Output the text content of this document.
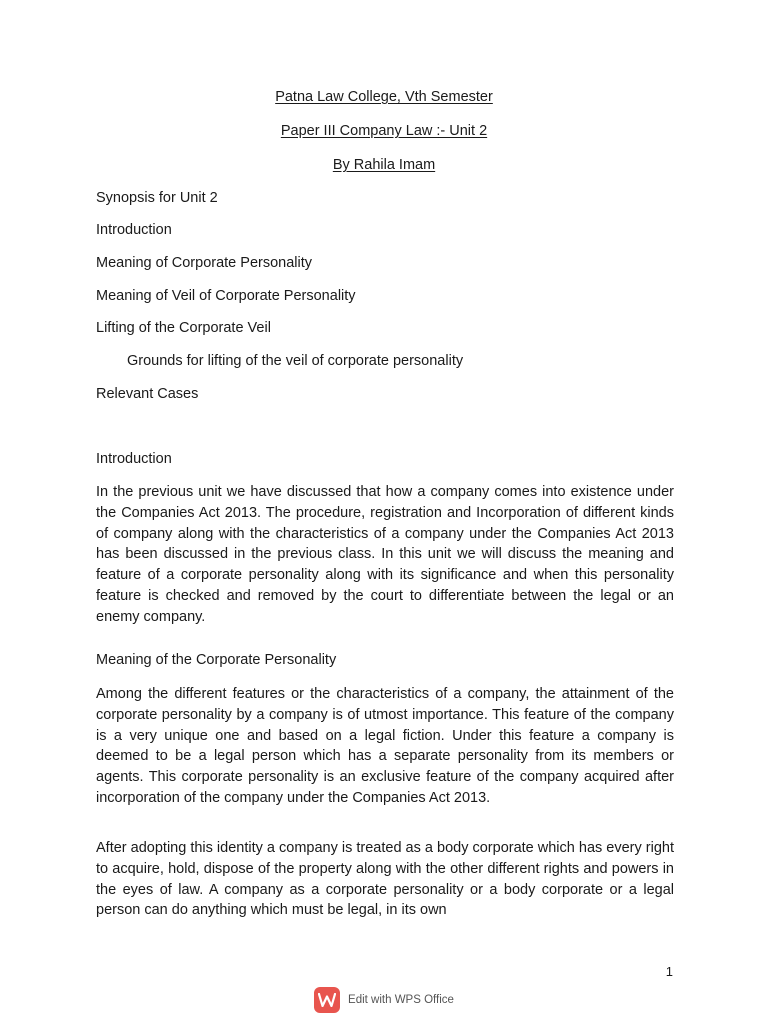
Patna Law College, Vth Semester
Paper III Company Law :- Unit 2
By Rahila Imam
Synopsis for Unit 2
Introduction
Meaning of Corporate Personality
Meaning of Veil of Corporate Personality
Lifting of the Corporate Veil
Grounds for lifting of the veil of corporate personality
Relevant Cases
Introduction
In the previous unit we have discussed that how a company comes into existence under the Companies Act 2013. The procedure, registration and Incorporation of different kinds of company along with the characteristics of a company under the Companies Act 2013 has been discussed in the previous class. In this unit we will discuss the meaning and feature of a corporate personality along with its significance and when this personality feature is checked and removed by the court to differentiate between the legal or an enemy company.
Meaning of the Corporate Personality
Among the different features or the characteristics of a company, the attainment of the corporate personality by a company is of utmost importance. This feature of the company is a very unique one and based on a legal fiction. Under this feature a company is deemed to be a legal person which has a separate personality from its members or agents. This corporate personality is an exclusive feature of the company acquired after incorporation of the company under the Companies Act 2013.
After adopting this identity a company is treated as a body corporate which has every right to acquire, hold, dispose of the property along with the other different rights and powers in the eyes of law. A company as a corporate personality or a body corporate or a legal person can do anything which must be legal, in its own
1
Edit with WPS Office
